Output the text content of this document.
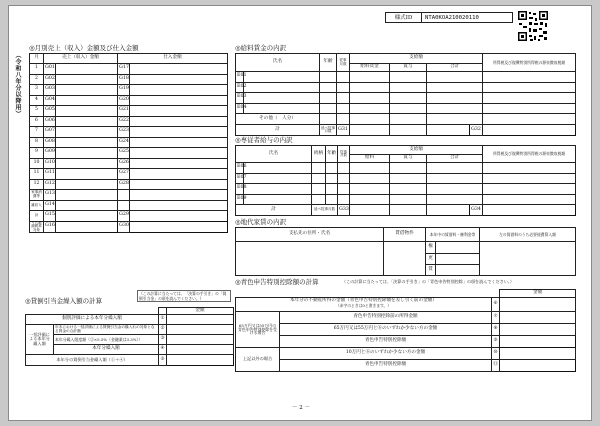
様式ID	NTA0KOA210020110
（令和八年分以降用）
◎月別売上（収入）金額及び仕入金額
月	売上（収入）金額		仕入金額	
1	G01		G17	
2	G02		G18	
3	G03		G19	
4	G04		G20	
5	G05		G21	
6	G06		G22	
7	G07		G23	
8	G08		G24	
9	G09		G25	
10	G10		G26	
11	G11		G27	
12	G12		G28	
家事消費等	G13			
雑収入	G14			
計	G15		G29	
うち軽減税率対象	G16		G30	
◎給料賃金の内訳
氏名		年齢	従事月数	支給額				所得税及び復興特別所得税の源泉徴収税額
				給料賃金	賞与	合計		
E01								
E02								
E03								
E04								
その他（　人分）								
計		延べ従事月数	G31				G32	
◎専従者給与の内訳
氏名		続柄	年齢	従事月数	支給額				所得税及び復興特別所得税の源泉徴収税額
					給料	賞与	合計		
E06									
E07									
E08									
E09									
計		延べ従事月数		G33				G34	
◎地代家賃の内訳
支払先の住所・氏名	賃借物件	本年中の賃借料・権利金等		左の賃借料のうち必要経費算入額
		権		
		更		
		賃		
◎貸倒引当金繰入額の計算
（この計算に当たっては、「決算の手引き」の「貸倒引当金」の項を読んでください。）
			金額
個別評価による本年分繰入額		①	
一括評価による本年分繰入額	年末における一括評価による貸倒引当金の繰入れの対象となる貸金の合計額	②	
	本年分繰入限度額（②×5.5%（金融業は3.3%））	③	
	本年分繰入額	④	
本年分の貸倒引当金繰入額（①＋④）		⑤	
◎青色申告特別控除額の計算	（この計算に当たっては、「決算の手引き」の「青色申告特別控除」の項を読んでください。）
			金額
本年分の不動産所得の金額（青色申告特別控除額を差し引く前の金額）
（赤字のときは0と書きます。）		⑥	
65万円又は55万円の青色申告特別控除を受ける場合	青色申告特別控除前の所得金額	⑦	
	65万円又は55万円と⑥のいずれか少ない方の金額	⑧	
	青色申告特別控除額	⑨	
上記以外の場合	10万円と⑥のいずれか少ない方の金額	⑩	
	青色申告特別控除額	⑪	
－ 2 －
